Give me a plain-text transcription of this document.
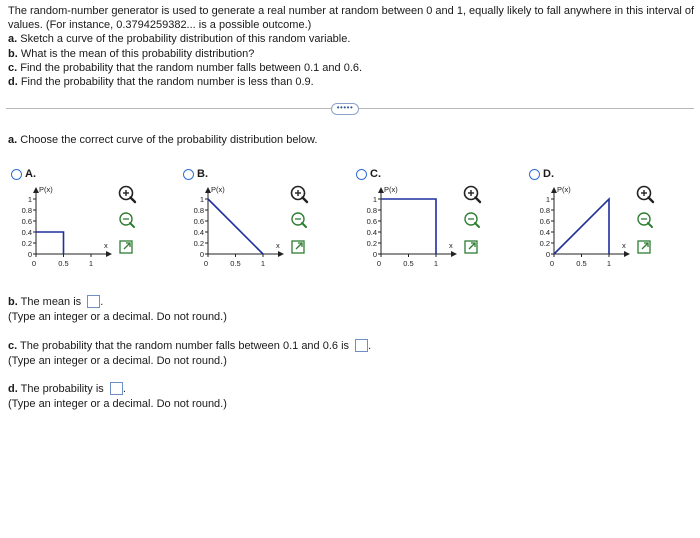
The random-number generator is used to generate a real number at random between 0 and 1, equally likely to fall anywhere in this interval of
values. (For instance, 0.3794259382... is a possible outcome.)
a. Sketch a curve of the probability distribution of this random variable.
b. What is the mean of this probability distribution?
c. Find the probability that the random number falls between 0.1 and 0.6.
d. Find the probability that the random number is less than 0.9.
•••••
a. Choose the correct curve of the probability distribution below.
A.
P(x)
x
1
0.8
0.6
0.4
0.2
0
0	0.5	1
B.
P(x)
x
1
0.8
0.6
0.4
0.2
0
0	0.5	1
C.
P(x)
x
1
0.8
0.6
0.4
0.2
0
0	0.5	1
D.
P(x)
x
1
0.8
0.6
0.4
0.2
0
0	0.5	1
b. The mean is .
(Type an integer or a decimal. Do not round.)
c. The probability that the random number falls between 0.1 and 0.6 is .
(Type an integer or a decimal. Do not round.)
d. The probability is .
(Type an integer or a decimal. Do not round.)
